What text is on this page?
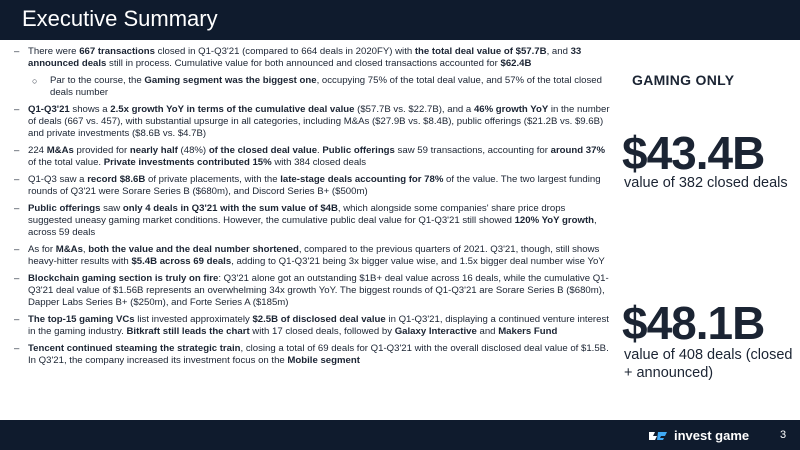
Executive Summary
– There were 667 transactions closed in Q1-Q3'21 (compared to 664 deals in 2020FY) with the total deal value of $57.7B, and 33 announced deals still in process. Cumulative value for both announced and closed transactions accounted for $62.4B
○ Par to the course, the Gaming segment was the biggest one, occupying 75% of the total deal value, and 57% of the total closed deals number
– Q1-Q3'21 shows a 2.5x growth YoY in terms of the cumulative deal value ($57.7B vs. $22.7B), and a 46% growth YoY in the number of deals (667 vs. 457), with substantial upsurge in all categories, including M&As ($27.9B vs. $8.4B), public offerings ($21.2B vs. $9.6B) and private investments ($8.6B vs. $4.7B)
– 224 M&As provided for nearly half (48%) of the closed deal value. Public offerings saw 59 transactions, accounting for around 37% of the total value. Private investments contributed 15% with 384 closed deals
– Q1-Q3 saw a record $8.6B of private placements, with the late-stage deals accounting for 78% of the value. The two largest funding rounds of Q3'21 were Sorare Series B ($680m), and Discord Series B+ ($500m)
– Public offerings saw only 4 deals in Q3'21 with the sum value of $4B, which alongside some companies' share price drops suggested uneasy gaming market conditions. However, the cumulative public deal value for Q1-Q3'21 still showed 120% YoY growth, across 59 deals
– As for M&As, both the value and the deal number shortened, compared to the previous quarters of 2021. Q3'21, though, still shows heavy-hitter results with $5.4B across 69 deals, adding to Q1-Q3'21 being 3x bigger value wise, and 1.5x bigger deal number wise YoY
– Blockchain gaming section is truly on fire: Q3'21 alone got an outstanding $1B+ deal value across 16 deals, while the cumulative Q1-Q3'21 deal value of $1.56B represents an overwhelming 34x growth YoY. The biggest rounds of Q1-Q3'21 are Sorare Series B ($680m), Dapper Labs Series B+ ($250m), and Forte Series A ($185m)
– The top-15 gaming VCs list invested approximately $2.5B of disclosed deal value in Q1-Q3'21, displaying a continued venture interest in the gaming industry. Bitkraft still leads the chart with 17 closed deals, followed by Galaxy Interactive and Makers Fund
– Tencent continued steaming the strategic train, closing a total of 69 deals for Q1-Q3'21 with the overall disclosed deal value of $1.5B. In Q3'21, the company increased its investment focus on the Mobile segment
GAMING ONLY
$43.4B
value of 382 closed deals
$48.1B
value of 408 deals (closed + announced)
invest game	3
